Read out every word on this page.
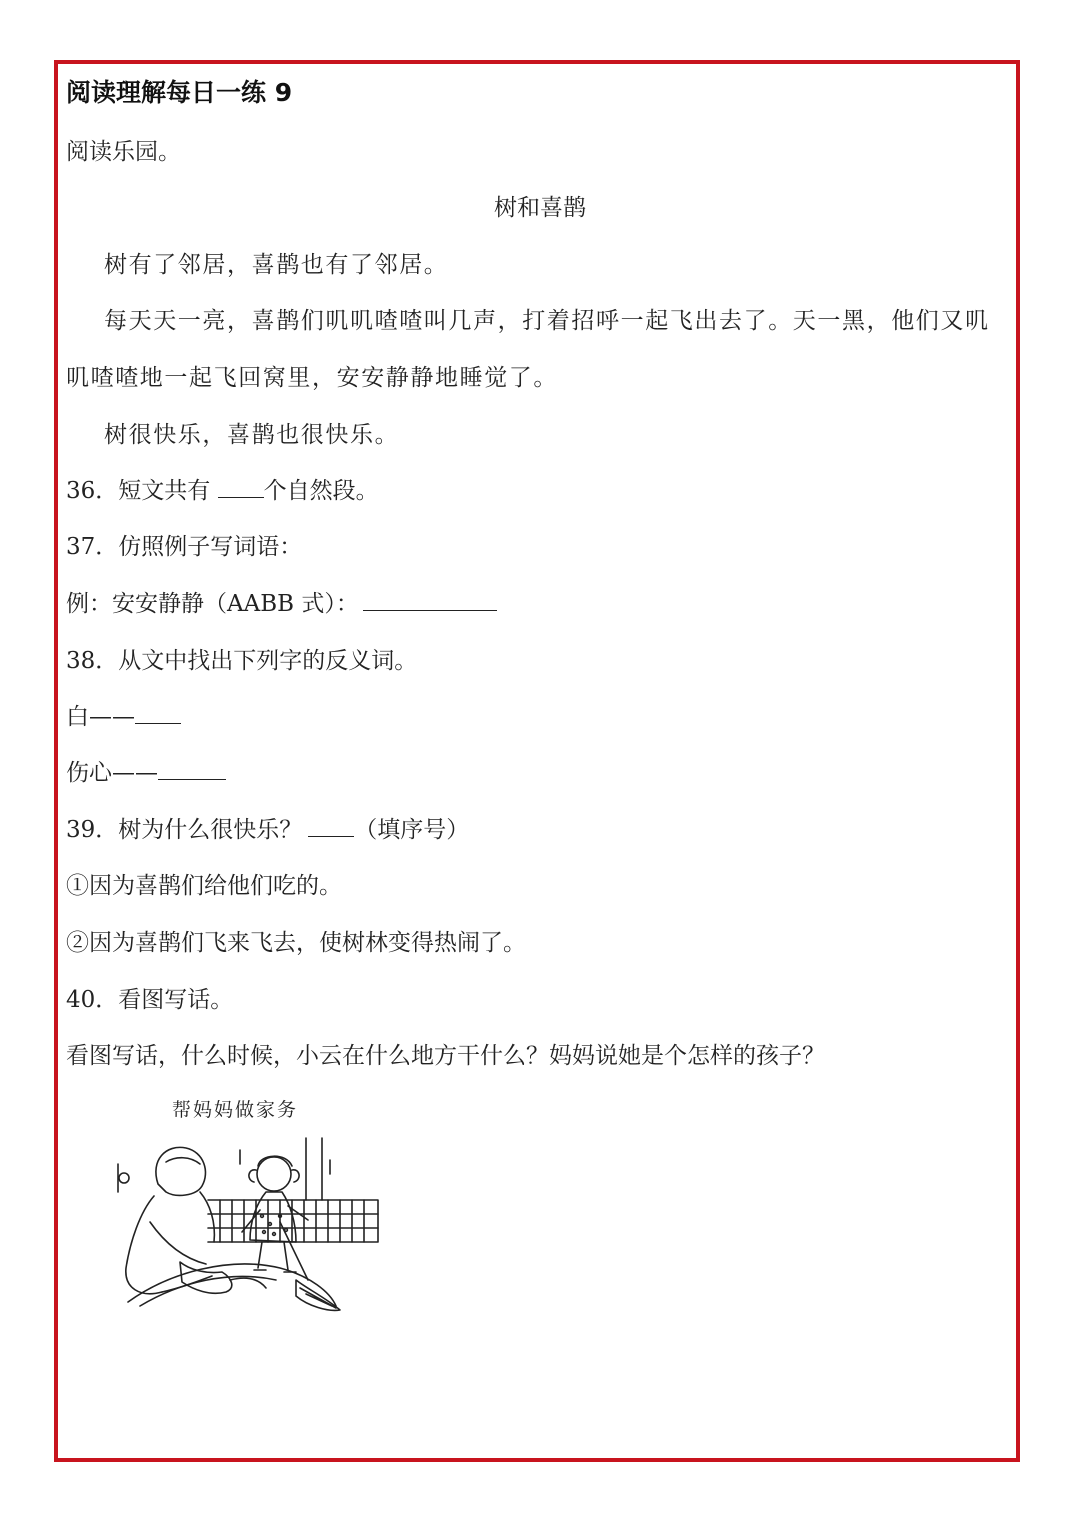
阅读理解每日一练 9
阅读乐园。
树和喜鹊
树有了邻居，喜鹊也有了邻居。
每天天一亮，喜鹊们叽叽喳喳叫几声，打着招呼一起飞出去了。天一黑，他们又叽
叽喳喳地一起飞回窝里，安安静静地睡觉了。
树很快乐，喜鹊也很快乐。
36．短文共有 个自然段。
37．仿照例子写词语：
例：安安静静（AABB 式）：
38．从文中找出下列字的反义词。
白——
伤心——
39．树为什么很快乐？ （填序号）
①因为喜鹊们给他们吃的。
②因为喜鹊们飞来飞去，使树林变得热闹了。
40．看图写话。
看图写话，什么时候，小云在什么地方干什么？妈妈说她是个怎样的孩子？
帮妈妈做家务
